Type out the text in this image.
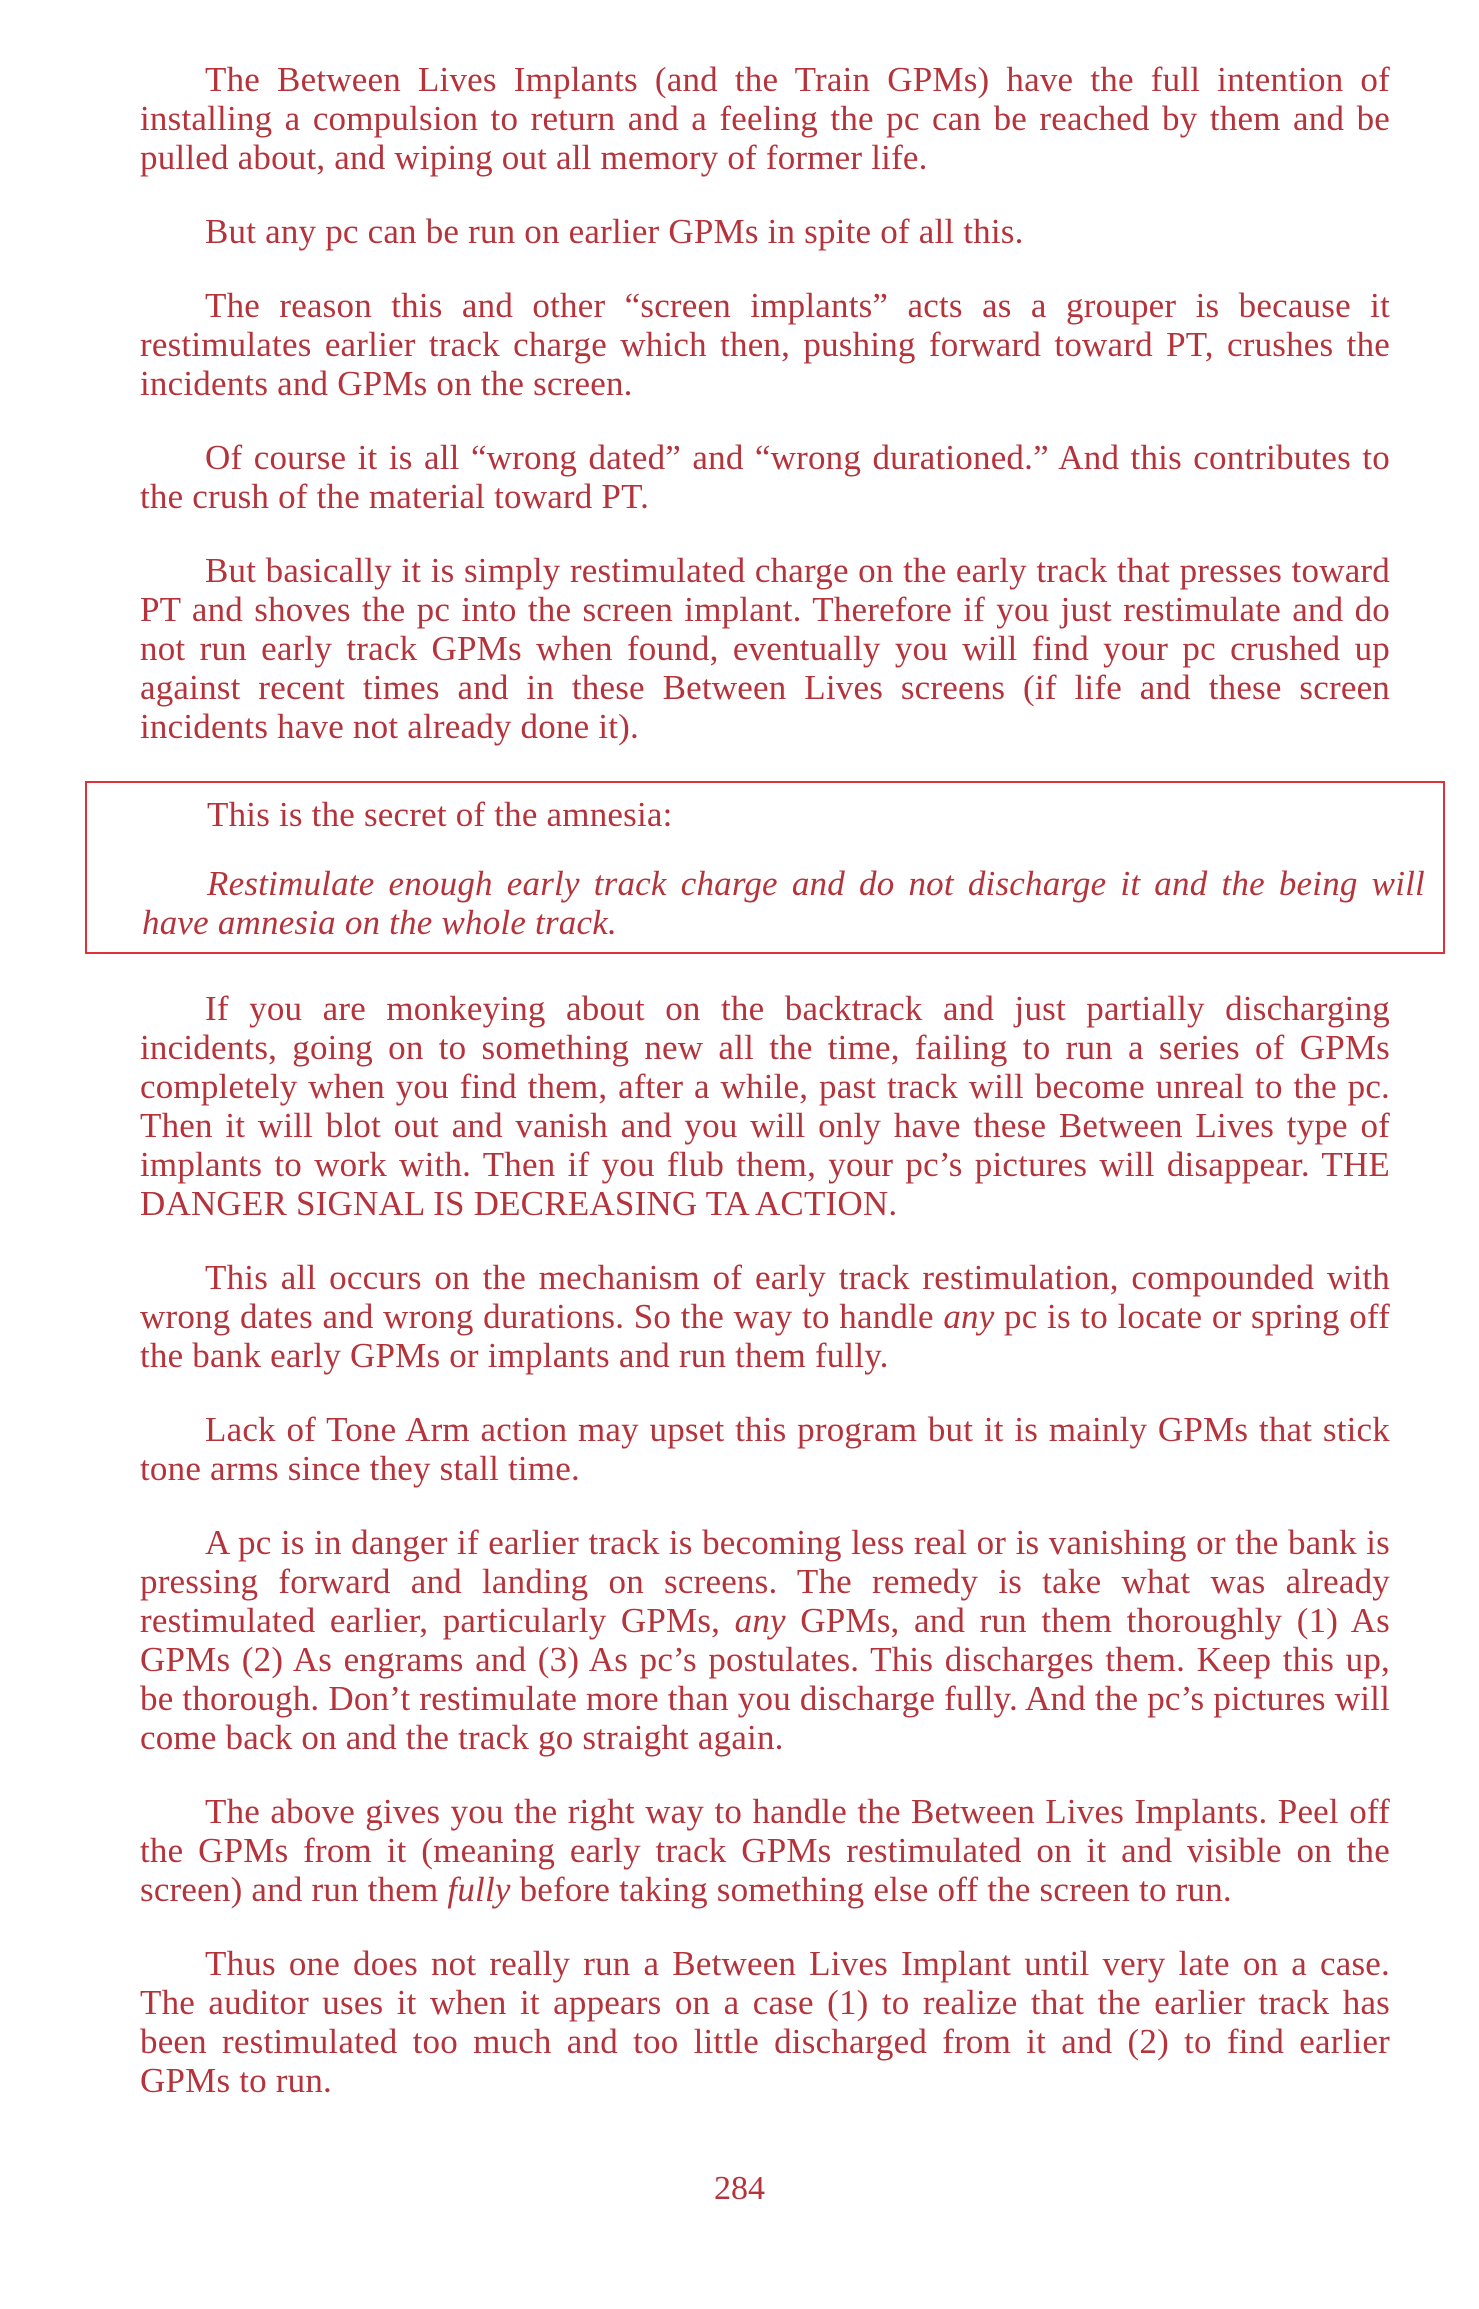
The Between Lives Implants (and the Train GPMs) have the full intention of installing a compulsion to return and a feeling the pc can be reached by them and be pulled about, and wiping out all memory of former life.

But any pc can be run on earlier GPMs in spite of all this.

The reason this and other “screen implants” acts as a grouper is because it restimulates earlier track charge which then, pushing forward toward PT, crushes the incidents and GPMs on the screen.

Of course it is all “wrong dated” and “wrong durationed.” And this contributes to the crush of the material toward PT.

But basically it is simply restimulated charge on the early track that presses toward PT and shoves the pc into the screen implant. Therefore if you just restimulate and do not run early track GPMs when found, eventually you will find your pc crushed up against recent times and in these Between Lives screens (if life and these screen incidents have not already done it).

This is the secret of the amnesia:

Restimulate enough early track charge and do not discharge it and the being will have amnesia on the whole track.

If you are monkeying about on the backtrack and just partially discharging incidents, going on to something new all the time, failing to run a series of GPMs completely when you find them, after a while, past track will become unreal to the pc. Then it will blot out and vanish and you will only have these Between Lives type of implants to work with. Then if you flub them, your pc’s pictures will disappear. THE DANGER SIGNAL IS DECREASING TA ACTION.

This all occurs on the mechanism of early track restimulation, compounded with wrong dates and wrong durations. So the way to handle any pc is to locate or spring off the bank early GPMs or implants and run them fully.

Lack of Tone Arm action may upset this program but it is mainly GPMs that stick tone arms since they stall time.

A pc is in danger if earlier track is becoming less real or is vanishing or the bank is pressing forward and landing on screens. The remedy is take what was already restimulated earlier, particularly GPMs, any GPMs, and run them thoroughly (1) As GPMs (2) As engrams and (3) As pc’s postulates. This discharges them. Keep this up, be thorough. Don’t restimulate more than you discharge fully. And the pc’s pictures will come back on and the track go straight again.

The above gives you the right way to handle the Between Lives Implants. Peel off the GPMs from it (meaning early track GPMs restimulated on it and visible on the screen) and run them fully before taking something else off the screen to run.

Thus one does not really run a Between Lives Implant until very late on a case. The auditor uses it when it appears on a case (1) to realize that the earlier track has been restimulated too much and too little discharged from it and (2) to find earlier GPMs to run.

284
